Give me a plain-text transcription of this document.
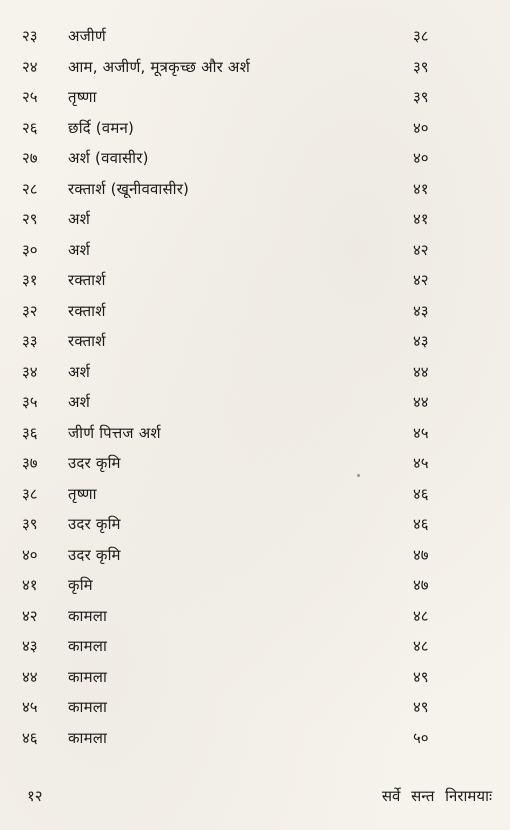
२३	अजीर्ण	३८
२४	आम, अजीर्ण, मूत्रकृच्छ और अर्श	३९
२५	तृष्णा	३९
२६	छर्दि (वमन)	४०
२७	अर्श (ववासीर)	४०
२८	रक्तार्श (खूनीववासीर)	४१
२९	अर्श	४१
३०	अर्श	४२
३१	रक्तार्श	४२
३२	रक्तार्श	४३
३३	रक्तार्श	४३
३४	अर्श	४४
३५	अर्श	४४
३६	जीर्ण पित्तज अर्श	४५
३७	उदर कृमि	४५
३८	तृष्णा	४६
३९	उदर कृमि	४६
४०	उदर कृमि	४७
४१	कृमि	४७
४२	कामला	४८
४३	कामला	४८
४४	कामला	४९
४५	कामला	४९
४६	कामला	५०
१२	सर्वे सन्त निरामयाः
